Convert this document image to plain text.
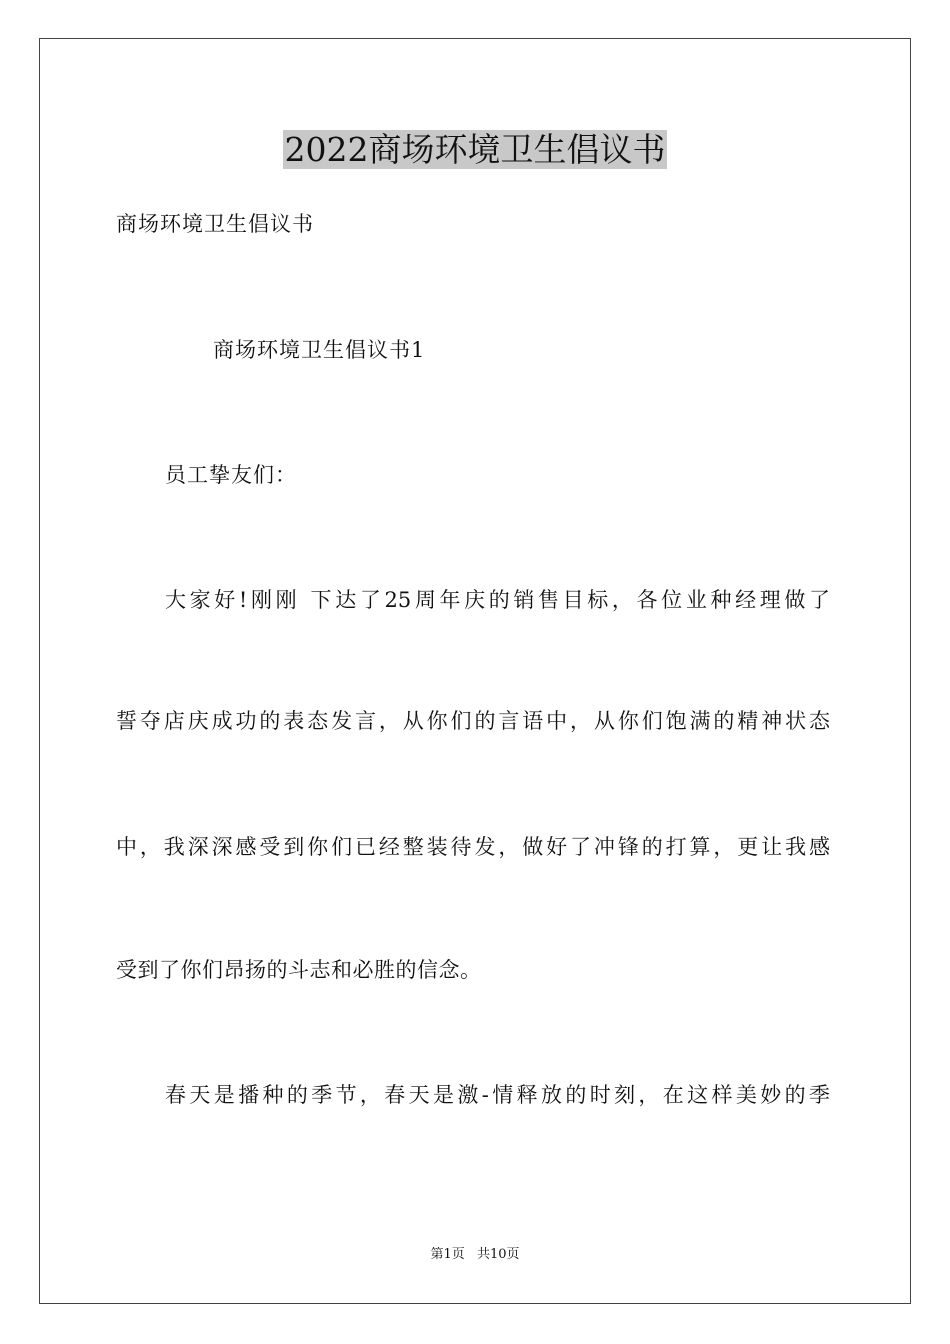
2022商场环境卫生倡议书

商场环境卫生倡议书

商场环境卫生倡议书1

员工挚友们：

大家好!刚刚 下达了25周年庆的销售目标，各位业种经理做了

誓夺店庆成功的表态发言，从你们的言语中，从你们饱满的精神状态

中，我深深感受到你们已经整装待发，做好了冲锋的打算，更让我感

受到了你们昂扬的斗志和必胜的信念。

春天是播种的季节，春天是激-情释放的时刻，在这样美妙的季

第1页 共10页
